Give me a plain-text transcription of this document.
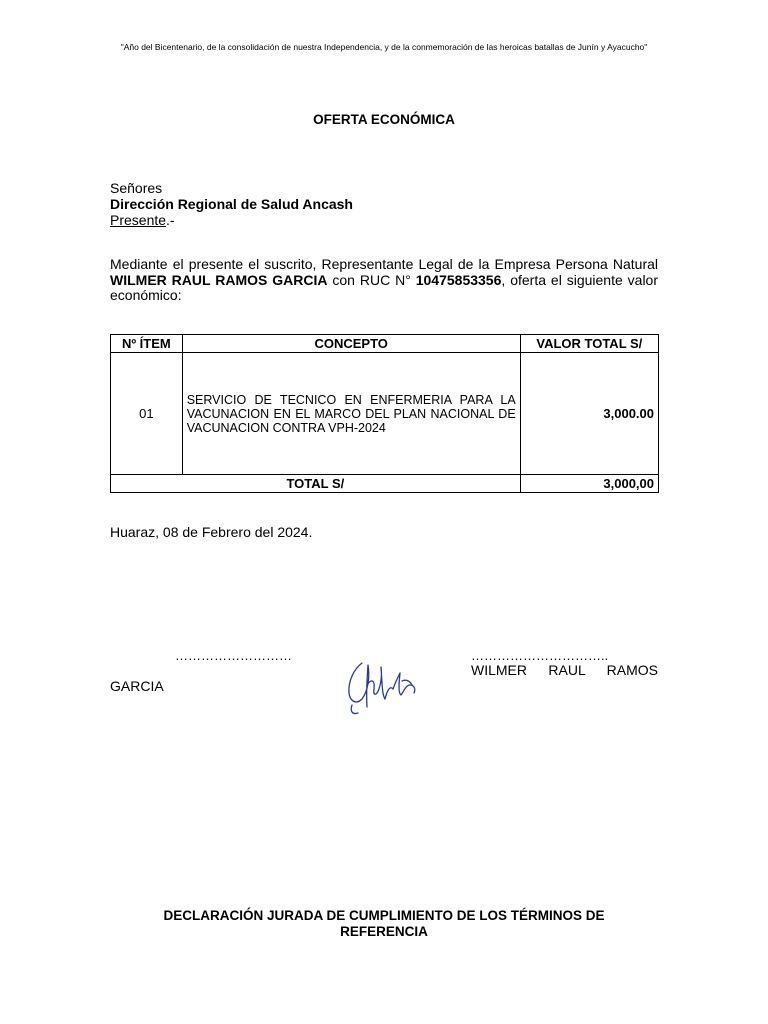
"Año del Bicentenario, de la consolidación de nuestra Independencia, y de la conmemoración de las heroicas batallas de Junín y Ayacucho"
OFERTA ECONÓMICA
Señores
Dirección Regional de Salud Ancash
Presente.-
Mediante el presente el suscrito, Representante Legal de la Empresa Persona Natural WILMER RAUL RAMOS GARCIA con RUC N° 10475853356, oferta el siguiente valor económico:
Nº ÍTEM	CONCEPTO	VALOR TOTAL S/
01	SERVICIO DE TECNICO EN ENFERMERIA PARA LA VACUNACION EN EL MARCO DEL PLAN NACIONAL DE VACUNACION CONTRA VPH-2024	3,000.00
TOTAL S/		3,000,00
Huaraz, 08 de Febrero del 2024.
………………………	…………………………..
WILMER     RAUL     RAMOS
GARCIA
DECLARACIÓN JURADA DE CUMPLIMIENTO DE LOS TÉRMINOS DE
REFERENCIA
